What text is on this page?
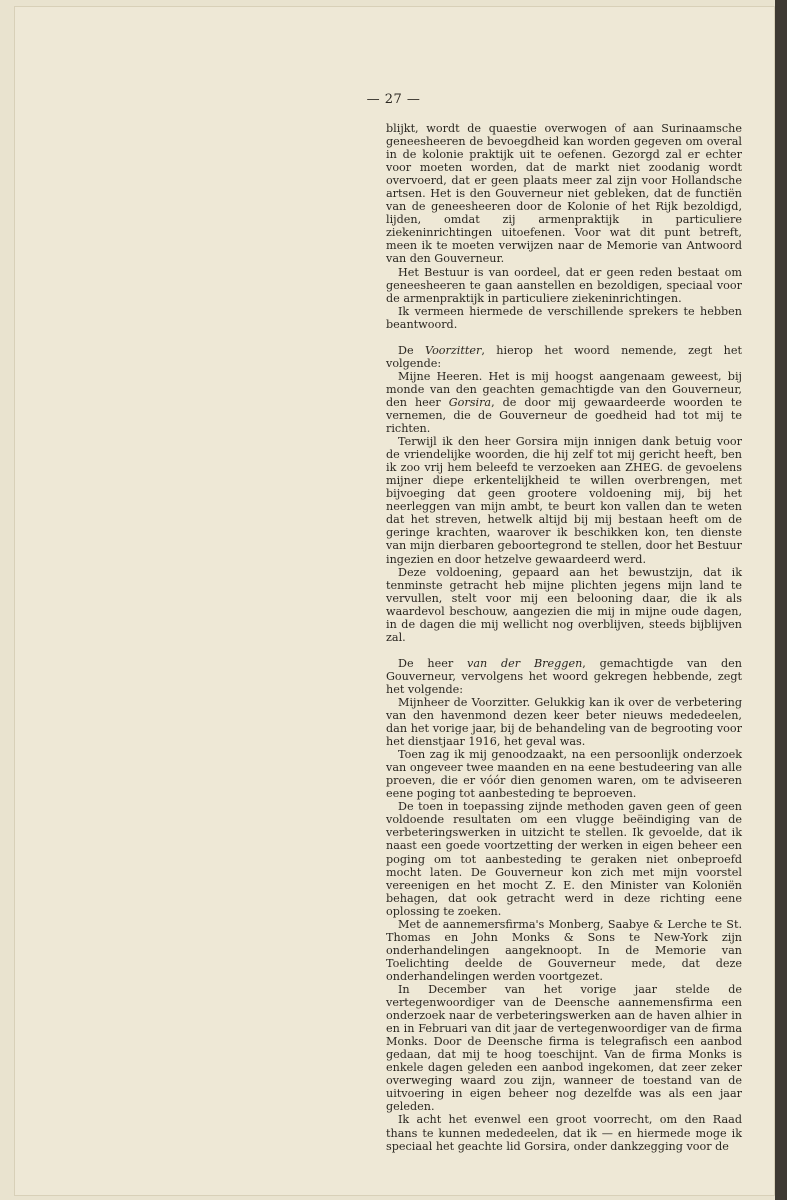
— 27 —

blijkt, wordt de quaestie overwogen of aan Surinaamsche geneesheeren de bevoegdheid kan worden gegeven om overal in de kolonie praktijk uit te oefenen. Gezorgd zal er echter voor moeten worden, dat de markt niet zoodanig wordt overvoerd, dat er geen plaats meer zal zijn voor Hollandsche artsen. Het is den Gouverneur niet gebleken, dat de functiën van de geneesheeren door de Kolonie of het Rijk bezoldigd, lijden, omdat zij armenpraktijk in particuliere ziekeninrichtingen uitoefenen. Voor wat dit punt betreft, meen ik te moeten verwijzen naar de Memorie van Antwoord van den Gouverneur.

Het Bestuur is van oordeel, dat er geen reden bestaat om geneesheeren te gaan aanstellen en bezoldigen, speciaal voor de armenpraktijk in particuliere ziekeninrichtingen.

Ik vermeen hiermede de verschillende sprekers te hebben beantwoord.

De Voorzitter, hierop het woord nemende, zegt het volgende:

Mijne Heeren. Het is mij hoogst aangenaam geweest, bij monde van den geachten gemachtigde van den Gouverneur, den heer Gorsira, de door mij gewaardeerde woorden te vernemen, die de Gouverneur de goedheid had tot mij te richten.

Terwijl ik den heer Gorsira mijn innigen dank betuig voor de vriendelijke woorden, die hij zelf tot mij gericht heeft, ben ik zoo vrij hem beleefd te verzoeken aan ZHEG. de gevoelens mijner diepe erkentelijkheid te willen overbrengen, met bijvoeging dat geen grootere voldoening mij, bij het neerleggen van mijn ambt, te beurt kon vallen dan te weten dat het streven, hetwelk altijd bij mij bestaan heeft om de geringe krachten, waarover ik beschikken kon, ten dienste van mijn dierbaren geboortegrond te stellen, door het Bestuur ingezien en door hetzelve gewaardeerd werd.

Deze voldoening, gepaard aan het bewustzijn, dat ik tenminste getracht heb mijne plichten jegens mijn land te vervullen, stelt voor mij een belooning daar, die ik als waardevol beschouw, aangezien die mij in mijne oude dagen, in de dagen die mij wellicht nog overblijven, steeds bijblijven zal.

De heer van der Breggen, gemachtigde van den Gouverneur, vervolgens het woord gekregen hebbende, zegt het volgende:

Mijnheer de Voorzitter. Gelukkig kan ik over de verbetering van den havenmond dezen keer beter nieuws mededeelen, dan het vorige jaar, bij de behandeling van de begrooting voor het dienstjaar 1916, het geval was.

Toen zag ik mij genoodzaakt, na een persoonlijk onderzoek van ongeveer twee maanden en na eene bestudeering van alle proeven, die er vóór dien genomen waren, om te adviseeren eene poging tot aanbesteding te beproeven.

De toen in toepassing zijnde methoden gaven geen of geen voldoende resultaten om een vlugge beëindiging van de verbeteringswerken in uitzicht te stellen. Ik gevoelde, dat ik naast een goede voortzetting der werken in eigen beheer een poging om tot aanbesteding te geraken niet onbeproefd mocht laten. De Gouverneur kon zich met mijn voorstel vereenigen en het mocht Z. E. den Minister van Koloniën behagen, dat ook getracht werd in deze richting eene oplossing te zoeken.

Met de aannemersfirma's Monberg, Saabye & Lerche te St. Thomas en John Monks & Sons te New-York zijn onderhandelingen aangeknoopt. In de Memorie van Toelichting deelde de Gouverneur mede, dat deze onderhandelingen werden voortgezet.

In December van het vorige jaar stelde de vertegenwoordiger van de Deensche aannemensfirma een onderzoek naar de verbeteringswerken aan de haven alhier in en in Februari van dit jaar de vertegenwoordiger van de firma Monks. Door de Deensche firma is telegrafisch een aanbod gedaan, dat mij te hoog toeschijnt. Van de firma Monks is enkele dagen geleden een aanbod ingekomen, dat zeer zeker overweging waard zou zijn, wanneer de toestand van de uitvoering in eigen beheer nog dezelfde was als een jaar geleden.

Ik acht het evenwel een groot voorrecht, om den Raad thans te kunnen mededeelen, dat ik — en hiermede moge ik speciaal het geachte lid Gorsira, onder dankzegging voor de
